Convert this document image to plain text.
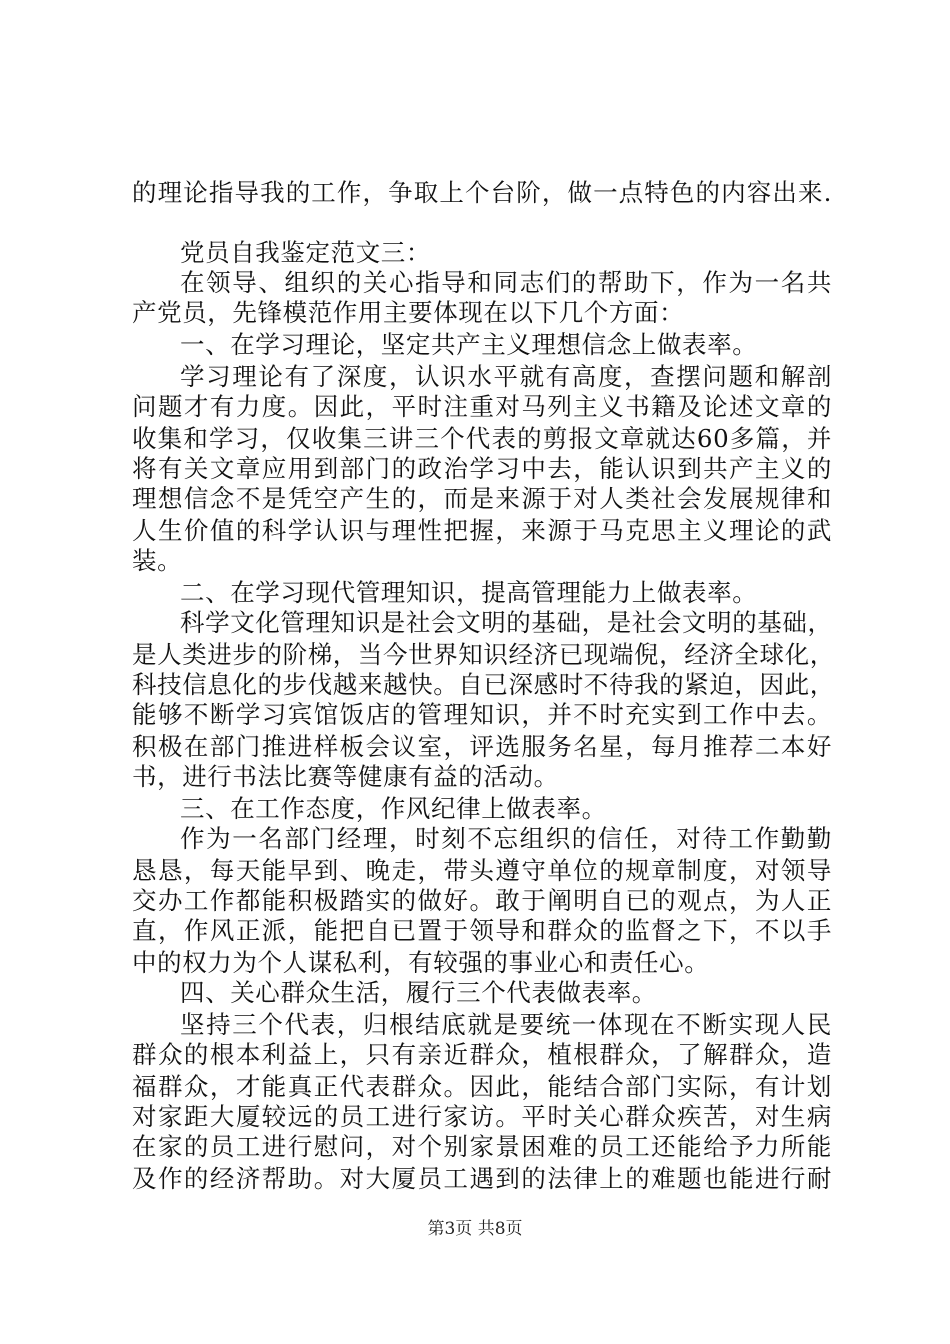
的理论指导我的工作，争取上个台阶，做一点特色的内容出来.
党员自我鉴定范文三：
在领导、组织的关心指导和同志们的帮助下，作为一名共
产党员，先锋模范作用主要体现在以下几个方面：
一、在学习理论，坚定共产主义理想信念上做表率。
学习理论有了深度，认识水平就有高度，查摆问题和解剖
问题才有力度。因此，平时注重对马列主义书籍及论述文章的
收集和学习，仅收集三讲三个代表的剪报文章就达60多篇，并
将有关文章应用到部门的政治学习中去，能认识到共产主义的
理想信念不是凭空产生的，而是来源于对人类社会发展规律和
人生价值的科学认识与理性把握，来源于马克思主义理论的武
装。
二、在学习现代管理知识，提高管理能力上做表率。
科学文化管理知识是社会文明的基础，是社会文明的基础，
是人类进步的阶梯，当今世界知识经济已现端倪，经济全球化，
科技信息化的步伐越来越快。自已深感时不待我的紧迫，因此，
能够不断学习宾馆饭店的管理知识，并不时充实到工作中去。
积极在部门推进样板会议室，评选服务名星，每月推荐二本好
书，进行书法比赛等健康有益的活动。
三、在工作态度，作风纪律上做表率。
作为一名部门经理，时刻不忘组织的信任，对待工作勤勤
恳恳，每天能早到、晚走，带头遵守单位的规章制度，对领导
交办工作都能积极踏实的做好。敢于阐明自已的观点，为人正
直，作风正派，能把自已置于领导和群众的监督之下，不以手
中的权力为个人谋私利，有较强的事业心和责任心。
四、关心群众生活，履行三个代表做表率。
坚持三个代表，归根结底就是要统一体现在不断实现人民
群众的根本利益上，只有亲近群众，植根群众，了解群众，造
福群众，才能真正代表群众。因此，能结合部门实际，有计划
对家距大厦较远的员工进行家访。平时关心群众疾苦，对生病
在家的员工进行慰问，对个别家景困难的员工还能给予力所能
及作的经济帮助。对大厦员工遇到的法律上的难题也能进行耐
第3页 共8页
